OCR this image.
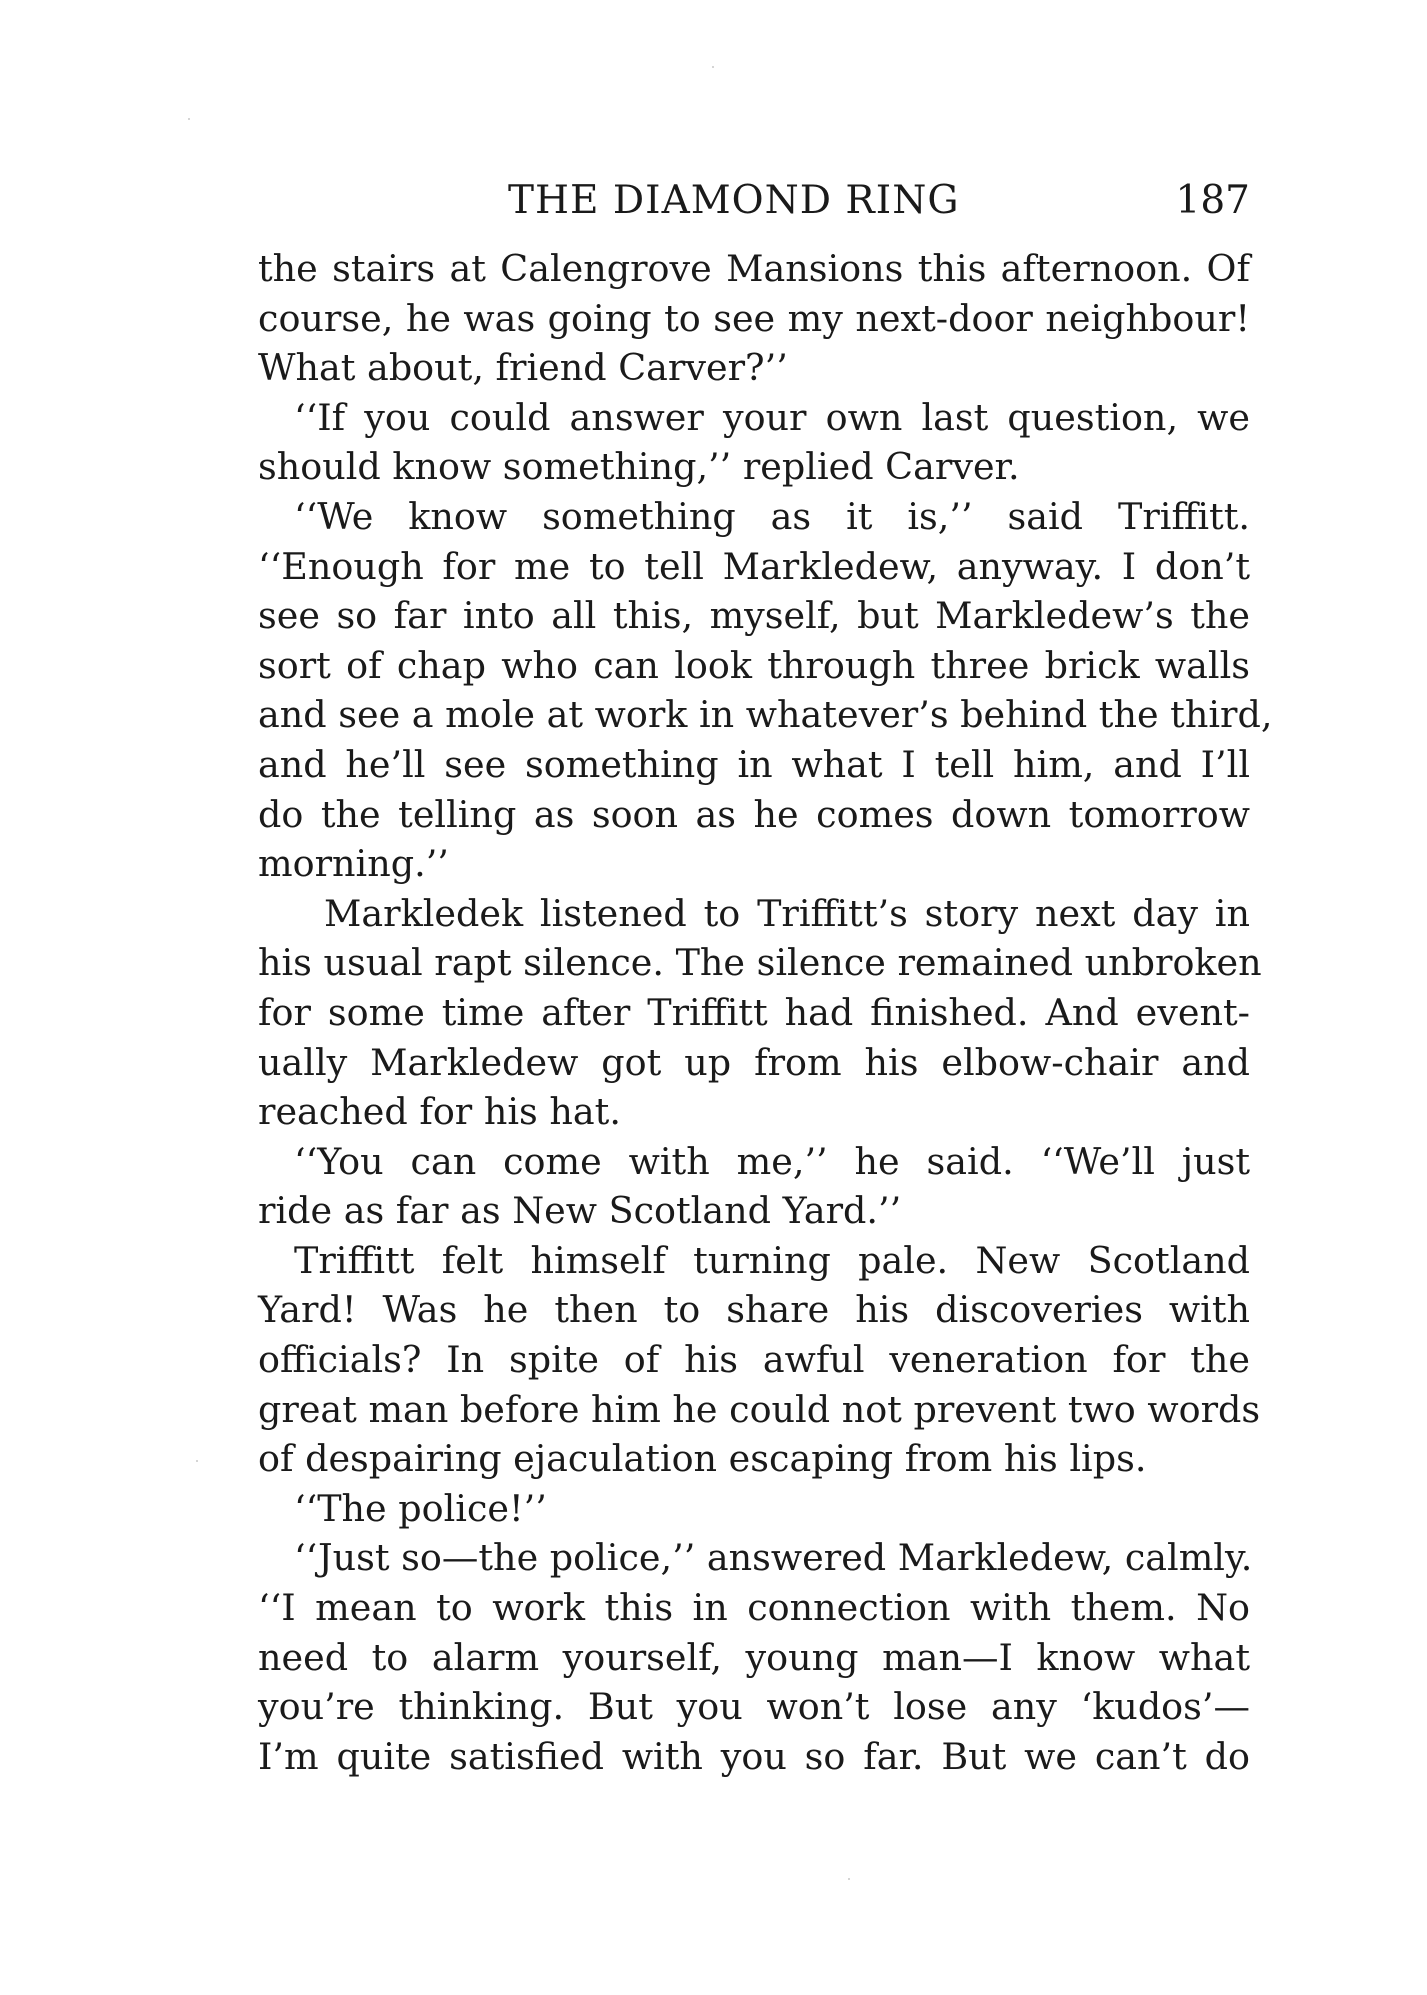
THE DIAMOND RING	187
the stairs at Calengrove Mansions this afternoon. Of
course, he was going to see my next-door neighbour!
What about, friend Carver?’’
‘‘If you could answer your own last question, we
should know something,’’ replied Carver.
‘‘We know something as it is,’’ said Triffitt.
‘‘Enough for me to tell Markledew, anyway. I don’t
see so far into all this, myself, but Markledew’s the
sort of chap who can look through three brick walls
and see a mole at work in whatever’s behind the third,
and he’ll see something in what I tell him, and I’ll
do the telling as soon as he comes down tomorrow
morning.’’
Markledek listened to Triffitt’s story next day in
his usual rapt silence. The silence remained unbroken
for some time after Triffitt had finished. And event-
ually Markledew got up from his elbow-chair and
reached for his hat.
‘‘You can come with me,’’ he said. ‘‘We’ll just
ride as far as New Scotland Yard.’’
Triffitt felt himself turning pale. New Scotland
Yard! Was he then to share his discoveries with
officials? In spite of his awful veneration for the
great man before him he could not prevent two words
of despairing ejaculation escaping from his lips.
‘‘The police!’’
‘‘Just so—the police,’’ answered Markledew, calmly.
‘‘I mean to work this in connection with them. No
need to alarm yourself, young man—I know what
you’re thinking. But you won’t lose any ‘kudos’—
I’m quite satisfied with you so far. But we can’t do
